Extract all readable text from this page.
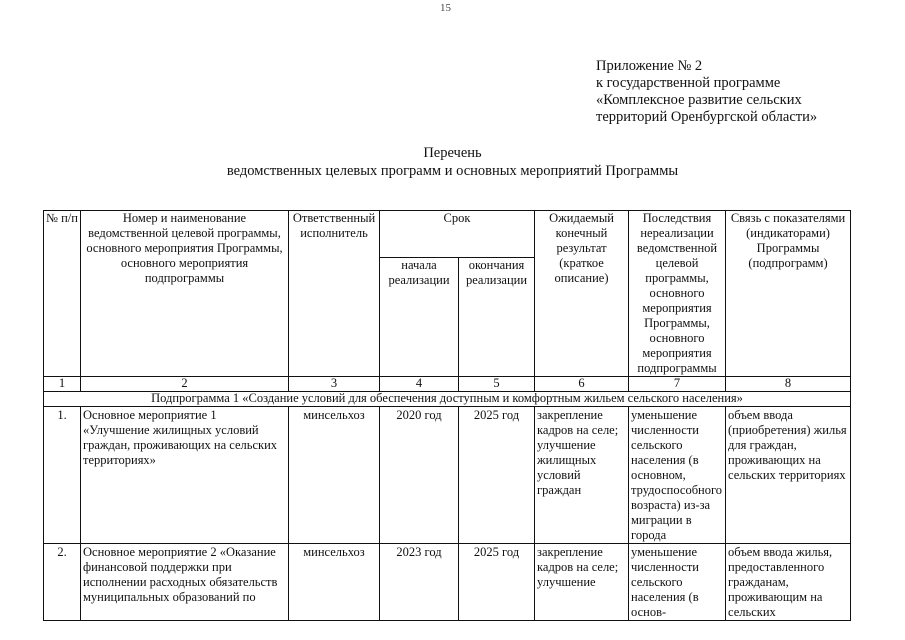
15
Приложение № 2
к государственной программе
«Комплексное развитие сельских
территорий Оренбургской области»
Перечень
ведомственных целевых программ и основных мероприятий Программы
№ п/п	Номер и наименование ведомственной целевой программы, основного мероприятия Программы, основного мероприятия подпрограммы	Ответственный исполнитель	Срок		Ожидаемый конечный результат (краткое описание)	Последствия нереализации ведомственной целевой программы, основного мероприятия Программы, основного мероприятия подпрограммы	Связь с показателями (индикаторами) Программы (подпрограмм)
			начала реализации	окончания реализации			
1	2	3	4	5	6	7	8
Подпрограмма 1 «Создание условий для обеспечения доступным и комфортным жильем сельского населения»							
1.	Основное мероприятие 1 «Улучшение жилищных условий граждан, проживающих на сельских территориях»	минсельхоз	2020 год	2025 год	закрепление кадров на селе; улучшение жилищных условий граждан	уменьшение численности сельского населения (в основном, трудоспособного возраста) из-за миграции в города	объем ввода (приобретения) жилья для граждан, проживающих на сельских территориях
2.	Основное мероприятие 2 «Оказание финансовой поддержки при исполнении расходных обязательств муниципальных образований по	минсельхоз	2023 год	2025 год	закрепление кадров на селе; улучшение	уменьшение численности сельского населения (в основ-	объем ввода жилья, предоставленного гражданам, проживающим на сельских
